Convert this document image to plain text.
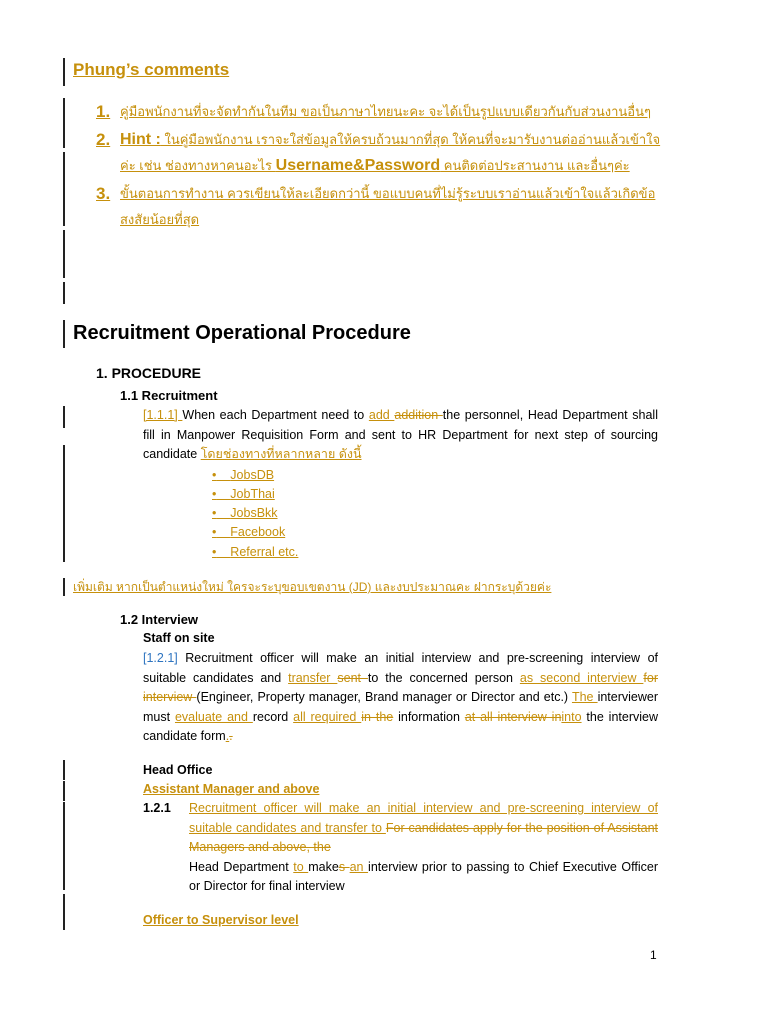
Phung’s comments
1. คู่มือพนักงานที่จะจัดทำกันในทีม ขอเป็นภาษาไทยนะคะ จะได้เป็นรูปแบบเดียวกันกับส่วนงานอื่นๆ
2. Hint : ในคู่มือพนักงาน เราจะใส่ข้อมูลให้ครบถ้วนมากที่สุด ให้คนที่จะมารับงานต่ออ่านแล้วเข้าใจค่ะ เช่น ช่องทางหาคนอะไร Username&Password คนติดต่อประสานงาน และอื่นๆค่ะ
3. ขั้นตอนการทำงาน ควรเขียนให้ละเอียดกว่านี้ ขอแบบคนที่ไม่รู้ระบบเราอ่านแล้วเข้าใจแล้วเกิดข้อสงสัยน้อยที่สุด
Recruitment Operational Procedure
1. PROCEDURE
1.1 Recruitment
[1.1.1] When each Department need to add addition the personnel, Head Department shall fill in Manpower Requisition Form and sent to HR Department for next step of sourcing candidate โดยช่องทางที่หลากหลาย ดังนี้
• JobsDB
• JobThai
• JobsBkk
• Facebook
• Referral etc.
เพิ่มเติม หากเป็นตำแหน่งใหม่ ใครจะระบุขอบเขตงาน (JD) และงบประมาณคะ ฝากระบุด้วยค่ะ
1.2 Interview
Staff on site
[1.2.1] Recruitment officer will make an initial interview and pre-screening interview of suitable candidates and transfer sent to the concerned person as second interview for interview (Engineer, Property manager, Brand manager or Director and etc.) The interviewer must evaluate and record all required in the information at all interview ininto the interview candidate form..
Head Office
Assistant Manager and above
1.2.1 Recruitment officer will make an initial interview and pre-screening interview of suitable candidates and transfer to For candidates apply for the position of Assistant Managers and above, the
Head Department to makes an interview prior to passing to Chief Executive Officer or Director for final interview
Officer to Supervisor level
1
